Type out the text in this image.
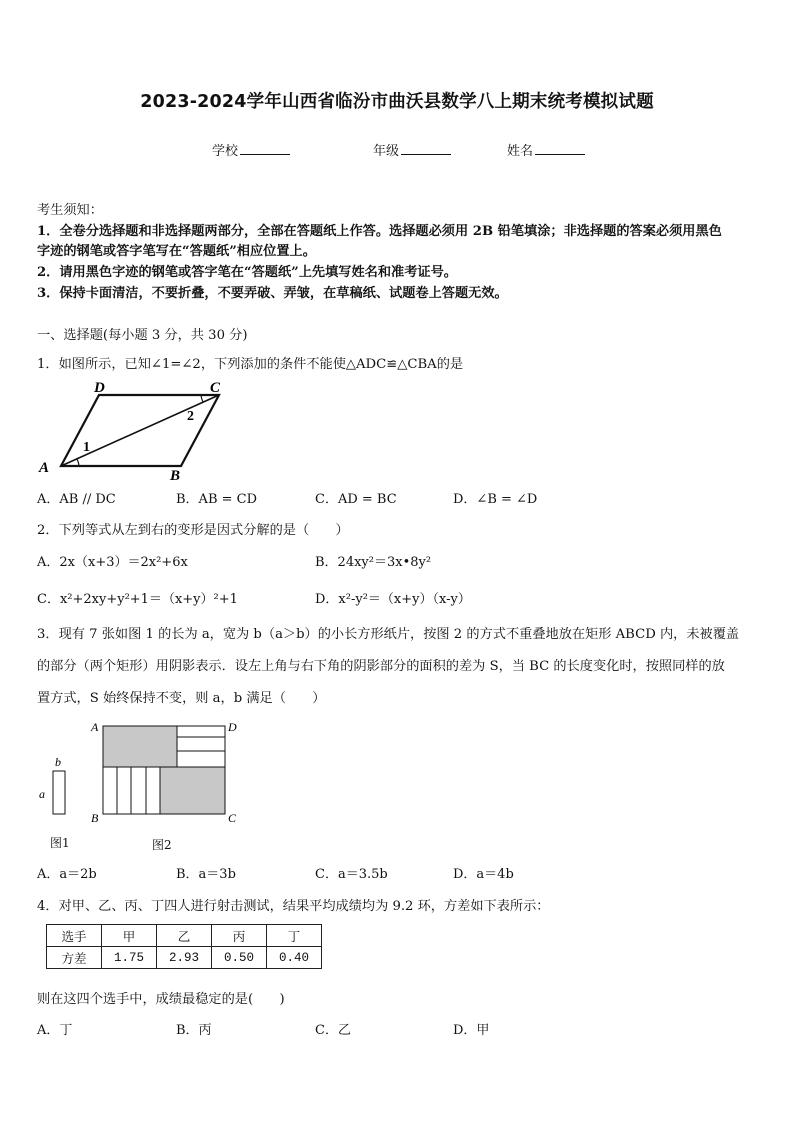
2023-2024学年山西省临汾市曲沃县数学八上期末统考模拟试题
学校	年级	姓名
考生须知：
1．全卷分选择题和非选择题两部分，全部在答题纸上作答。选择题必须用 2B 铅笔填涂；非选择题的答案必须用黑色
字迹的钢笔或答字笔写在“答题纸”相应位置上。
2．请用黑色字迹的钢笔或答字笔在“答题纸”上先填写姓名和准考证号。
3．保持卡面清洁，不要折叠，不要弄破、弄皱，在草稿纸、试题卷上答题无效。
一、选择题(每小题 3 分，共 30 分)
1．如图所示，已知∠1=∠2，下列添加的条件不能使△ADC≌△CBA的是
A	B
C
D
1
2
A．AB // DC	B．AB = CD	C．AD = BC	D．∠B = ∠D
2．下列等式从左到右的变形是因式分解的是（　　）
A．2x（x+3）＝2x²+6x	B．24xy²＝3x•8y²
C．x²+2xy+y²+1＝（x+y）²+1	D．x²-y²＝（x+y）（x-y）
3．现有 7 张如图 1 的长为 a，宽为 b（a＞b）的小长方形纸片，按图 2 的方式不重叠地放在矩形 ABCD 内，未被覆盖
的部分（两个矩形）用阴影表示．设左上角与右下角的阴影部分的面积的差为 S，当 BC 的长度变化时，按照同样的放
置方式，S 始终保持不变，则 a，b 满足（　　）
b
a
A	D
B	C
图1	图2
A．a＝2b	B．a＝3b	C．a＝3.5b	D．a＝4b
4．对甲、乙、丙、丁四人进行射击测试，结果平均成绩均为 9.2 环，方差如下表所示：
选手	甲	乙	丙	丁
方差	1.75	2.93	0.50	0.40
则在这四个选手中，成绩最稳定的是(　　)
A．丁	B．丙	C．乙	D．甲
